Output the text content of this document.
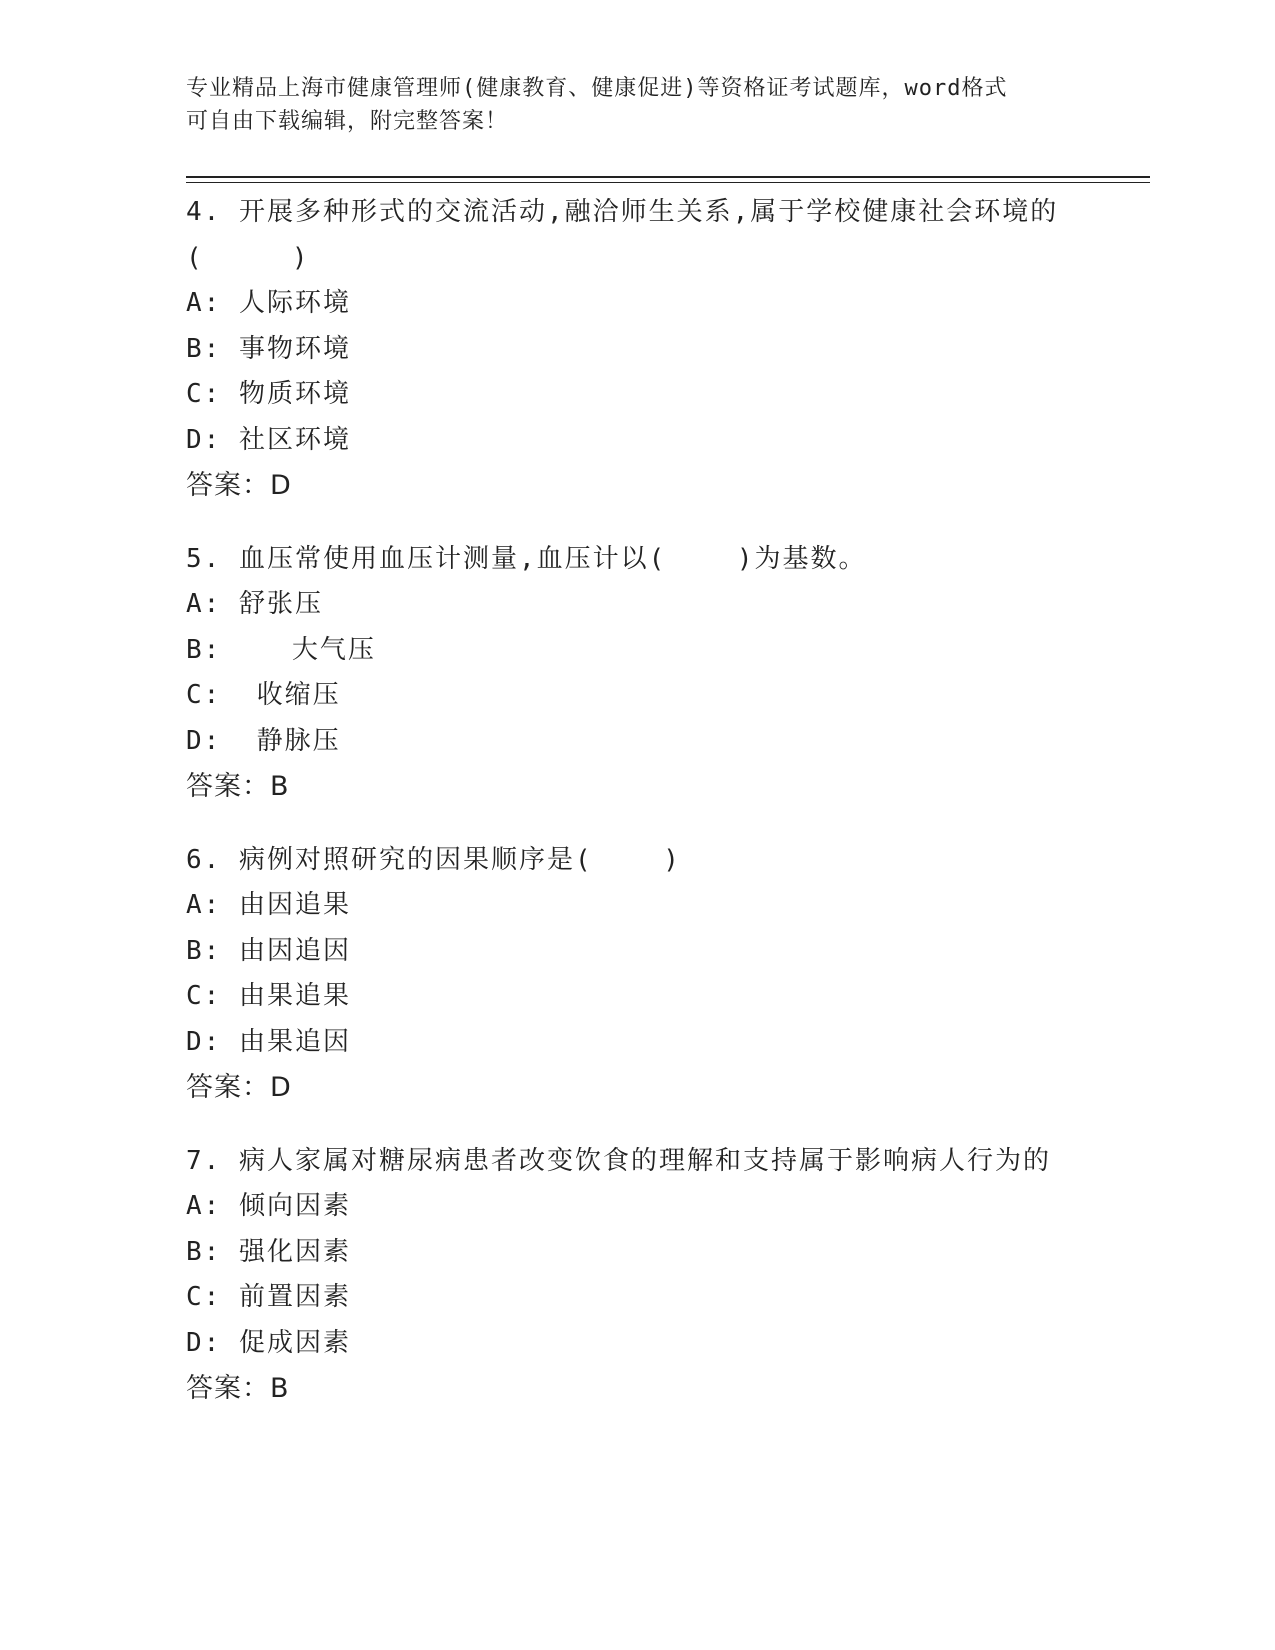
专业精品上海市健康管理师(健康教育、健康促进)等资格证考试题库，word格式
可自由下载编辑，附完整答案！
4. 开展多种形式的交流活动,融洽师生关系,属于学校健康社会环境的
(     )
A: 人际环境
B: 事物环境
C: 物质环境
D: 社区环境
答案：D
5. 血压常使用血压计测量,血压计以(    )为基数。
A: 舒张压
B:    大气压
C:  收缩压
D:  静脉压
答案：B
6. 病例对照研究的因果顺序是(    )
A: 由因追果
B: 由因追因
C: 由果追果
D: 由果追因
答案：D
7. 病人家属对糖尿病患者改变饮食的理解和支持属于影响病人行为的
A: 倾向因素
B: 强化因素
C: 前置因素
D: 促成因素
答案：B
